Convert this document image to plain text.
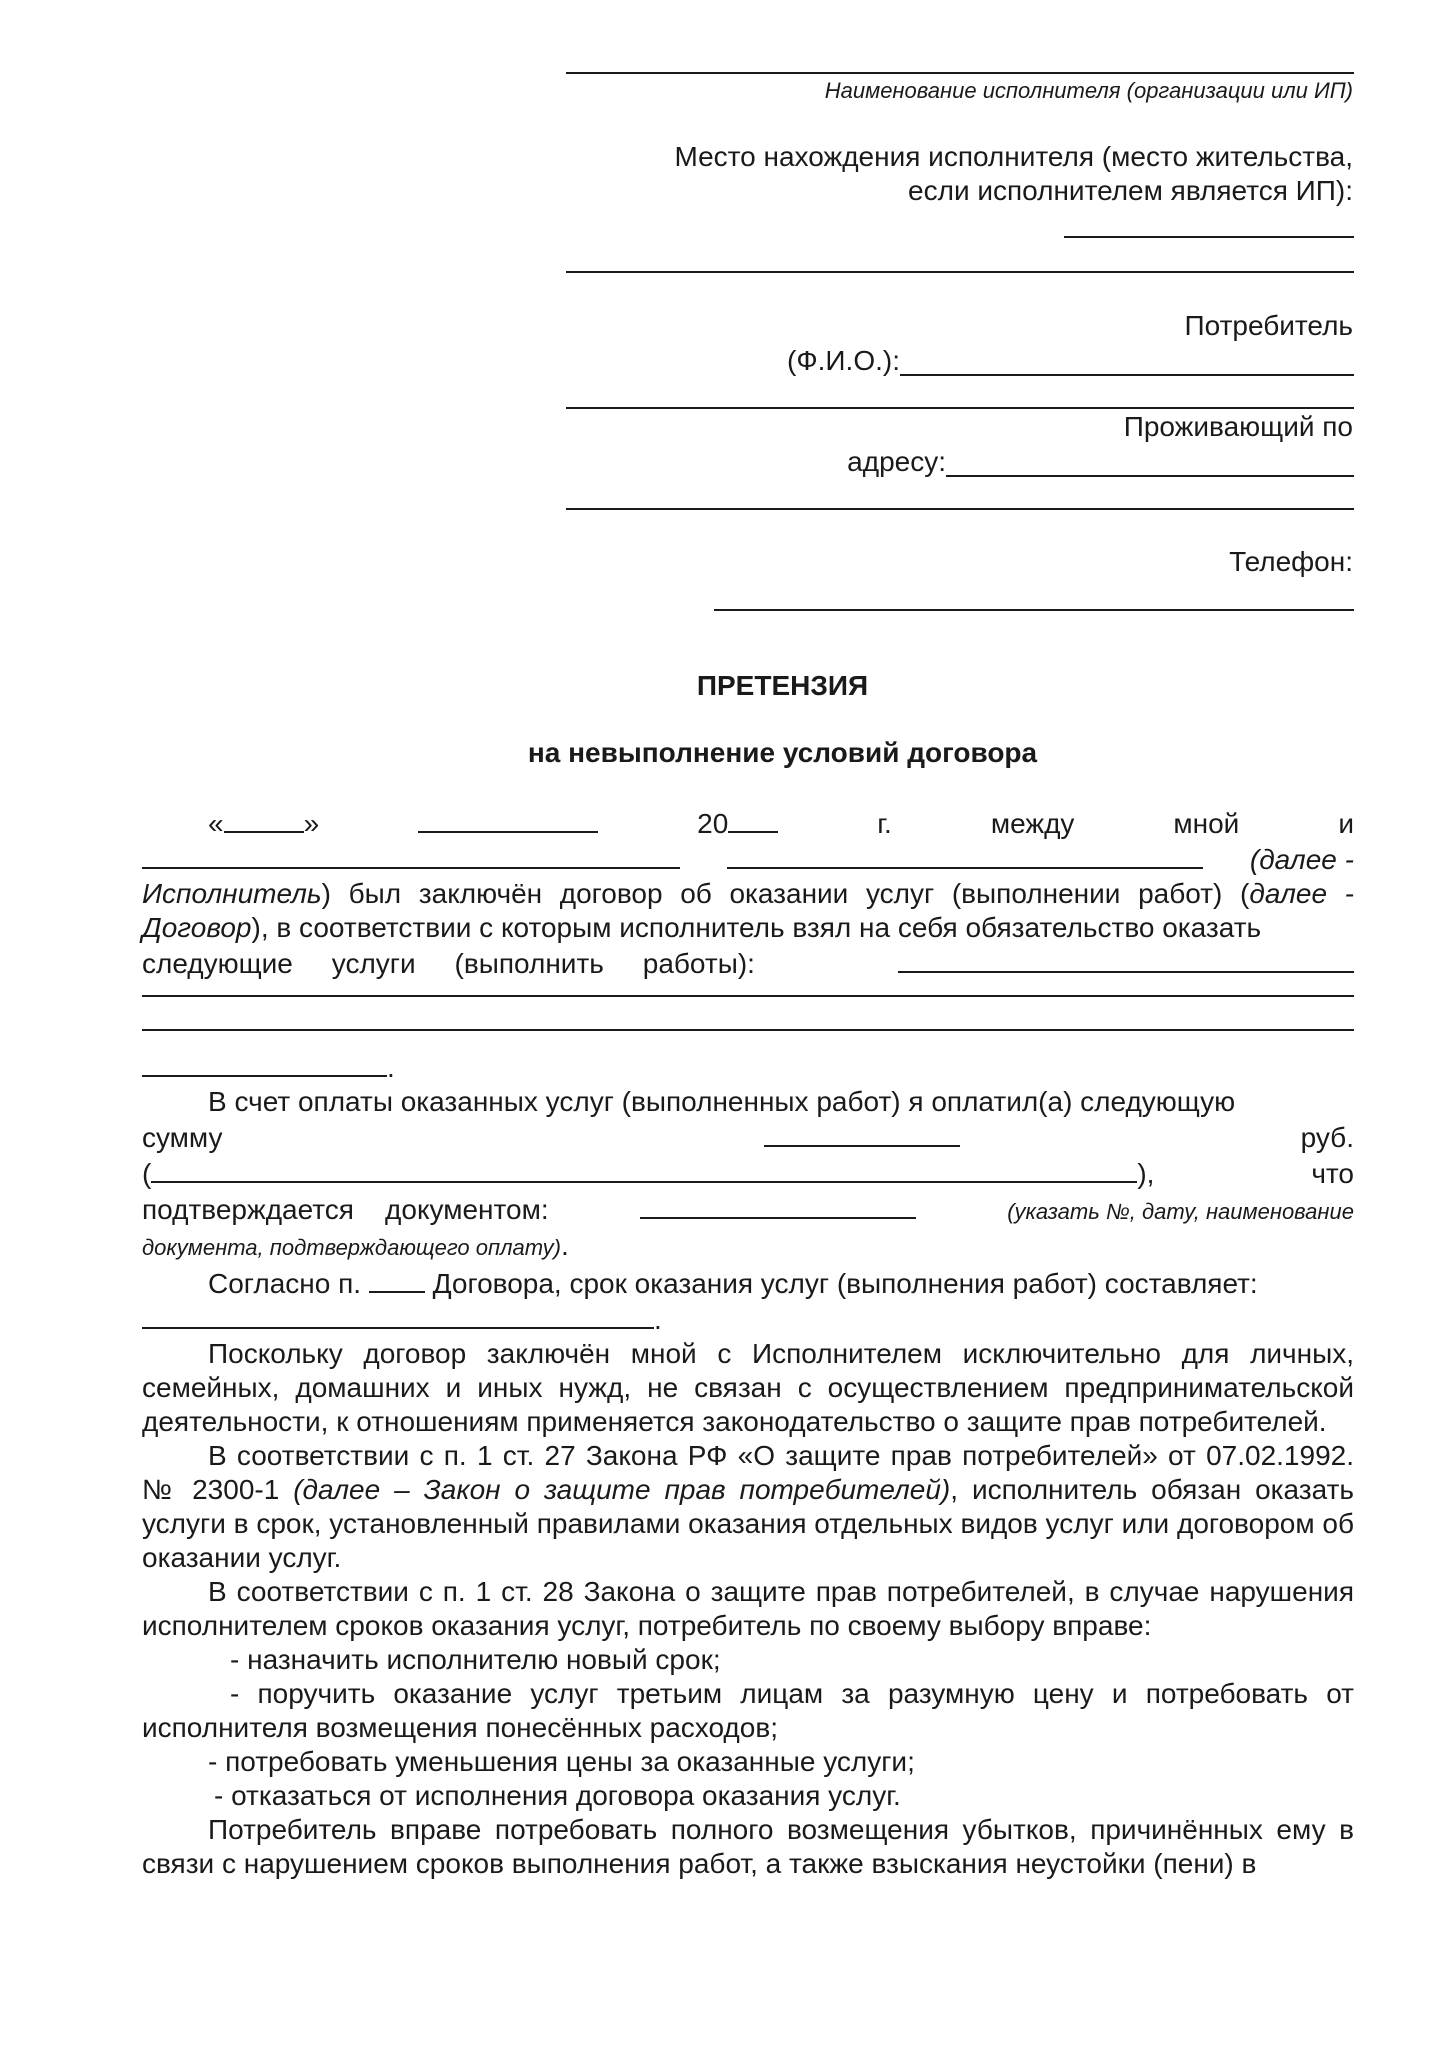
Наименование исполнителя (организации или ИП)
Место нахождения исполнителя (место жительства,
если исполнителем является ИП):
Потребитель
(Ф.И.О.):
Проживающий по
адресу:
Телефон:
ПРЕТЕНЗИЯ
на невыполнение условий договора
«	»	20	г.	между	мной	и
(далее -

Исполнитель) был заключён договор об оказании услуг (выполнении работ) (далее - Договор), в соответствии с которым исполнитель взял на себя обязательство оказать

следующие     услуги     (выполнить     работы):
.

В счет оплаты оказанных услуг (выполненных работ) я оплатил(а) следующую

сумму	руб.
(	),	что
подтверждается    документом:	(указать №, дату, наименование

документа, подтверждающего оплату).

Согласно п.	Договора, срок оказания услуг (выполнения работ) составляет:

.

Поскольку договор заключён мной с Исполнителем исключительно для личных, семейных, домашних и иных нужд, не связан с осуществлением предпринимательской деятельности, к отношениям применяется законодательство о защите прав потребителей.

В соответствии с п. 1 ст. 27 Закона РФ «О защите прав потребителей» от 07.02.1992. № 2300-1 (далее – Закон о защите прав потребителей), исполнитель обязан оказать услуги в срок, установленный правилами оказания отдельных видов услуг или договором об оказании услуг.

В соответствии с п. 1 ст. 28 Закона о защите прав потребителей, в случае нарушения исполнителем сроков оказания услуг, потребитель по своему выбору вправе:

- назначить исполнителю новый срок;

- поручить оказание услуг третьим лицам за разумную цену и потребовать от исполнителя возмещения понесённых расходов;

- потребовать уменьшения цены за оказанные услуги;

- отказаться от исполнения договора оказания услуг.

Потребитель вправе потребовать полного возмещения убытков, причинённых ему в связи с нарушением сроков выполнения работ, а также взыскания неустойки (пени) в
